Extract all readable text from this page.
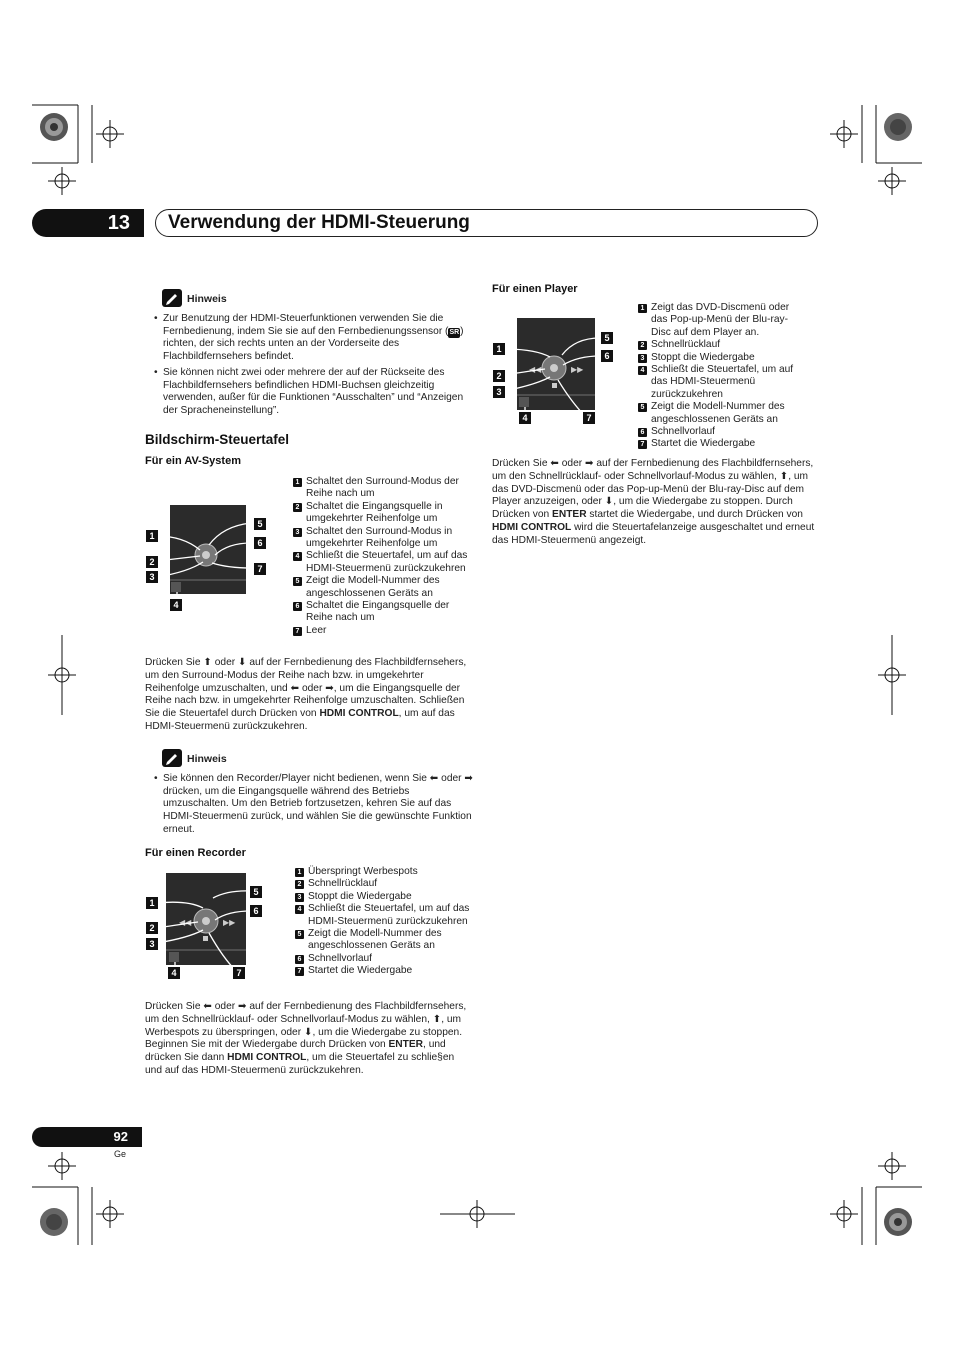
13	Verwendung der HDMI-Steuerung
Hinweis
• Zur Benutzung der HDMI-Steuerfunktionen verwenden Sie die Fernbedienung, indem Sie sie auf den Fernbedienungssensor (SR) richten, der sich rechts unten an der Vorderseite des Flachbildfernsehers befindet.
• Sie können nicht zwei oder mehrere der auf der Rückseite des Flachbildfernsehers befindlichen HDMI-Buchsen gleichzeitig verwenden, außer für die Funktionen “Ausschalten” und “Anzeigen der Spracheneinstellung”.
Bildschirm-Steuertafel
Für ein AV-System
1
2
3
4
5
6
7
1 Schaltet den Surround-Modus der Reihe nach um
2 Schaltet die Eingangsquelle in umgekehrter Reihenfolge um
3 Schaltet den Surround-Modus in umgekehrter Reihenfolge um
4 Schließt die Steuertafel, um auf das HDMI-Steuermenü zurückzukehren
5 Zeigt die Modell-Nummer des angeschlossenen Geräts an
6 Schaltet die Eingangsquelle der Reihe nach um
7 Leer
Drücken Sie ⬆ oder ⬇ auf der Fernbedienung des Flachbildfernsehers, um den Surround-Modus der Reihe nach bzw. in umgekehrter Reihenfolge umzuschalten, und ⬅ oder ➡, um die Eingangsquelle der Reihe nach bzw. in umgekehrter Reihenfolge umzuschalten. Schließen Sie die Steuertafel durch Drücken von HDMI CONTROL, um auf das HDMI-Steuermenü zurückzukehren.
Hinweis
• Sie können den Recorder/Player nicht bedienen, wenn Sie ⬅ oder ➡ drücken, um die Eingangsquelle während des Betriebs umzuschalten. Um den Betrieb fortzusetzen, kehren Sie auf das HDMI-Steuermenü zurück, und wählen Sie die gewünschte Funktion erneut.
Für einen Recorder
◀◀	▶▶
1
2
3
4
5
6
7
1 Überspringt Werbespots
2 Schnellrücklauf
3 Stoppt die Wiedergabe
4 Schließt die Steuertafel, um auf das HDMI-Steuermenü zurückzukehren
5 Zeigt die Modell-Nummer des angeschlossenen Geräts an
6 Schnellvorlauf
7 Startet die Wiedergabe
Drücken Sie ⬅ oder ➡ auf der Fernbedienung des Flachbildfernsehers, um den Schnellrücklauf- oder Schnellvorlauf-Modus zu wählen, ⬆, um Werbespots zu überspringen, oder ⬇, um die Wiedergabe zu stoppen. Beginnen Sie mit der Wiedergabe durch Drücken von ENTER, und drücken Sie dann HDMI CONTROL, um die Steuertafel zu schlie§en und auf das HDMI-Steuermenü zurückzukehren.
Für einen Player
◀◀	▶▶
1
2
3
4
5
6
7
1 Zeigt das DVD-Discmenü oder das Pop-up-Menü der Blu-ray-Disc auf dem Player an.
2 Schnellrücklauf
3 Stoppt die Wiedergabe
4 Schließt die Steuertafel, um auf das HDMI-Steuermenü zurückzukehren
5 Zeigt die Modell-Nummer des angeschlossenen Geräts an
6 Schnellvorlauf
7 Startet die Wiedergabe
Drücken Sie ⬅ oder ➡ auf der Fernbedienung des Flachbildfernsehers, um den Schnellrücklauf- oder Schnellvorlauf-Modus zu wählen, ⬆, um das DVD-Discmenü oder das Pop-up-Menü der Blu-ray-Disc auf dem Player anzuzeigen, oder ⬇, um die Wiedergabe zu stoppen. Durch Drücken von ENTER startet die Wiedergabe, und durch Drücken von HDMI CONTROL wird die Steuertafelanzeige ausgeschaltet und erneut das HDMI-Steuermenü angezeigt.
92
Ge
